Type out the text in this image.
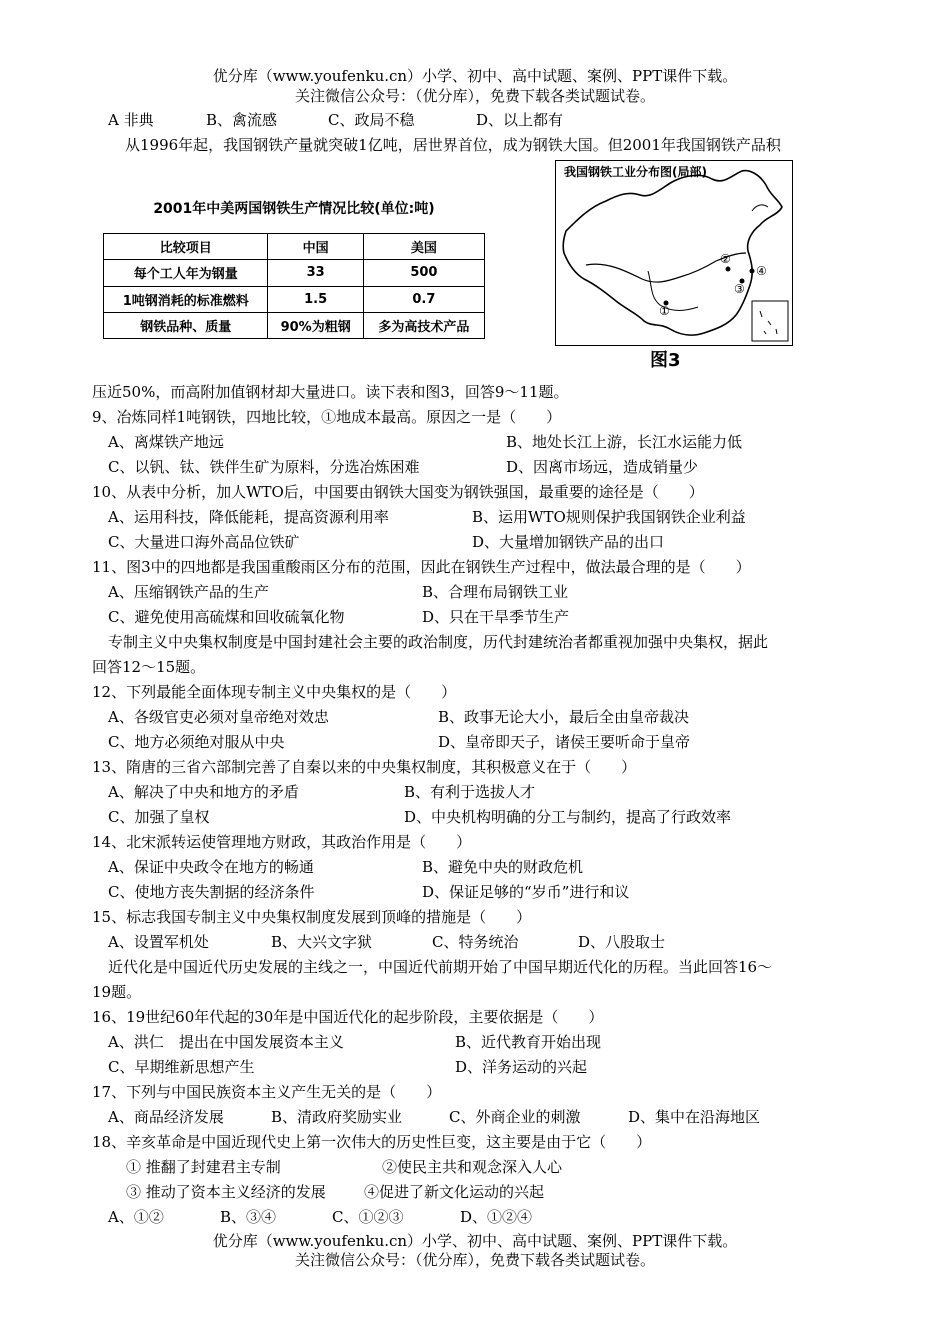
优分库（www.youfenku.cn）小学、初中、高中试题、案例、PPT课件下载。
关注微信公众号：（优分库），免费下载各类试题试卷。
A 非典	B、禽流感	C、政局不稳	D、以上都有
从1996年起，我国钢铁产量就突破1亿吨，居世界首位，成为钢铁大国。但2001年我国钢铁产品积
2001年中美两国钢铁生产情况比较(单位:吨)
比较项目	中国	美国
每个工人年为钢量	33	500
1吨钢消耗的标准燃料	1.5	0.7
钢铁品种、质量	90%为粗钢	多为高技术产品
①
②
③
④
我国钢铁工业分布图(局部)
图3
压近50%，而高附加值钢材却大量进口。读下表和图3，回答9～11题。
9、冶炼同样1吨钢铁，四地比较，①地成本最高。原因之一是（　　）
A、离煤铁产地远	B、地处长江上游，长江水运能力低
C、以钒、钛、铁伴生矿为原料，分选冶炼困难	D、因离市场远，造成销量少
10、从表中分析，加人WTO后，中国要由钢铁大国变为钢铁强国，最重要的途径是（　　）
A、运用科技，降低能耗，提高资源利用率	B、运用WTO规则保护我国钢铁企业利益
C、大量进口海外高品位铁矿	D、大量增加钢铁产品的出口
11、图3中的四地都是我国重酸雨区分布的范围，因此在钢铁生产过程中，做法最合理的是（　　）
A、压缩钢铁产品的生产	B、合理布局钢铁工业
C、避免使用高硫煤和回收硫氧化物	D、只在干旱季节生产
专制主义中央集权制度是中国封建社会主要的政治制度，历代封建统治者都重视加强中央集权，据此
回答12～15题。
12、下列最能全面体现专制主义中央集权的是（　　）
A、各级官吏必须对皇帝绝对效忠	B、政事无论大小，最后全由皇帝裁决
C、地方必须绝对服从中央	D、皇帝即天子，诸侯王要听命于皇帝
13、隋唐的三省六部制完善了自秦以来的中央集权制度，其积极意义在于（　　）
A、解决了中央和地方的矛盾	B、有利于选拔人才
C、加强了皇权	D、中央机构明确的分工与制约，提高了行政效率
14、北宋派转运使管理地方财政，其政治作用是（　　）
A、保证中央政令在地方的畅通	B、避免中央的财政危机
C、使地方丧失割据的经济条件	D、保证足够的“岁币”进行和议
15、标志我国专制主义中央集权制度发展到顶峰的措施是（　　）
A、设置军机处	B、大兴文字狱	C、特务统治	D、八股取士
近代化是中国近代历史发展的主线之一，中国近代前期开始了中国早期近代化的历程。当此回答16～
19题。
16、19世纪60年代起的30年是中国近代化的起步阶段，主要依据是（　　）
A、洪仁　提出在中国发展资本主义	B、近代教育开始出现
C、早期维新思想产生	D、洋务运动的兴起
17、下列与中国民族资本主义产生无关的是（　　）
A、商品经济发展	B、清政府奖励实业	C、外商企业的刺激	D、集中在沿海地区
18、辛亥革命是中国近现代史上第一次伟大的历史性巨变，这主要是由于它（　　）
① 推翻了封建君主专制	②使民主共和观念深入人心
③ 推动了资本主义经济的发展	④促进了新文化运动的兴起
A、①②	B、③④	C、①②③	D、①②④
优分库（www.youfenku.cn）小学、初中、高中试题、案例、PPT课件下载。
关注微信公众号：（优分库），免费下载各类试题试卷。
